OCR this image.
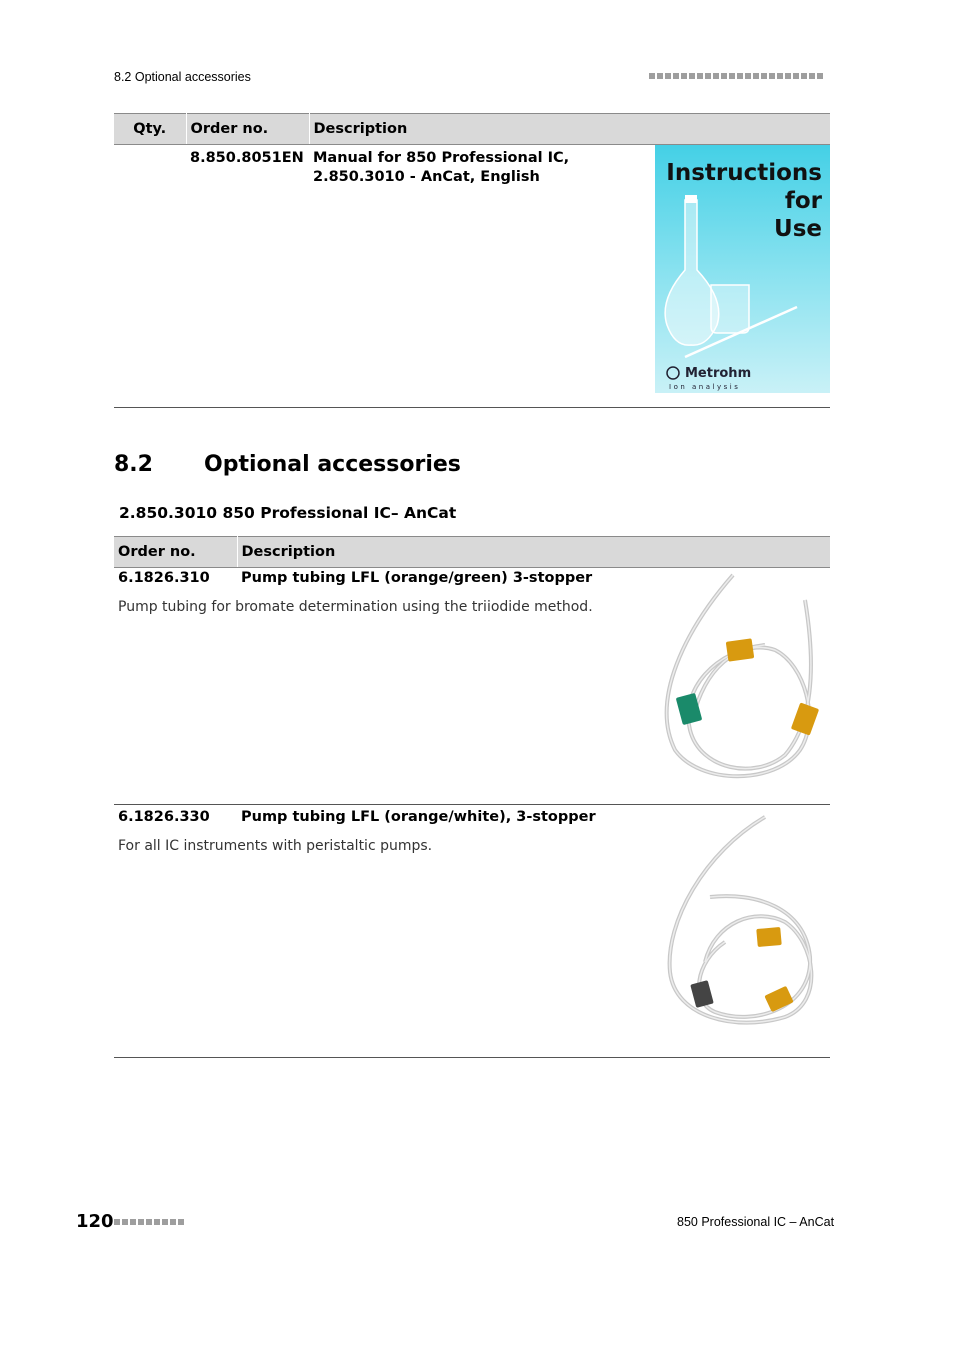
8.2 Optional accessories
Qty.	Order no.	Description
	8.850.8051EN	Manual for 850 Professional IC, 2.850.3010 - AnCat, English	Instructions
for
Use
Metrohm
Ion analysis
8.2 Optional accessories
2.850.3010 850 Professional IC– AnCat
Order no.	Description
6.1826.310 Pump tubing LFL (orange/green) 3-stopper
Pump tubing for bromate determination using the triiodide method.
6.1826.330 Pump tubing LFL (orange/white), 3-stopper
For all IC instruments with peristaltic pumps.
120	850 Professional IC – AnCat
